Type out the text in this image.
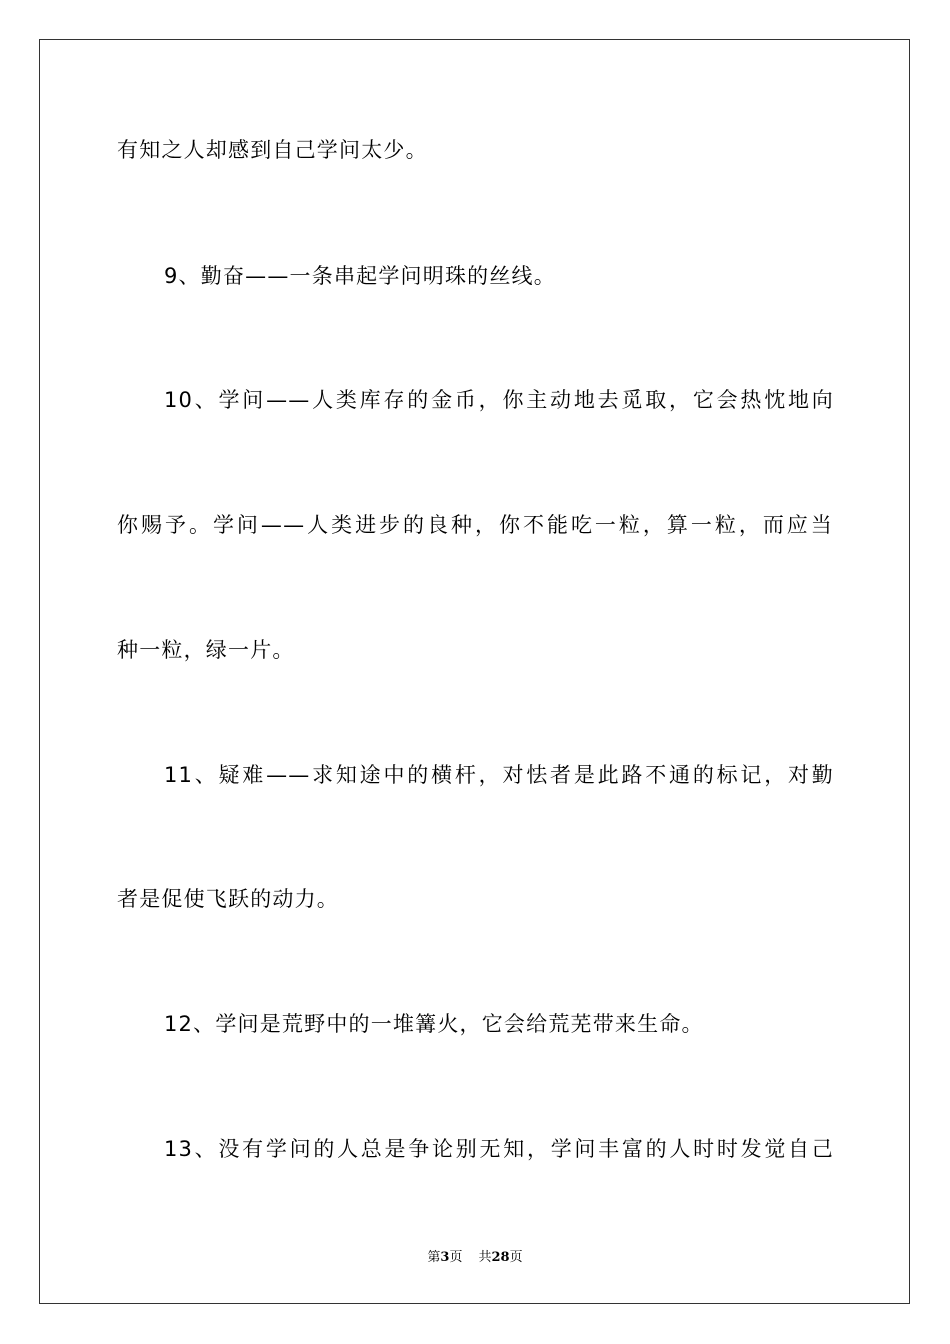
有知之人却感到自己学问太少。
9、勤奋——一条串起学问明珠的丝线。
10、学问——人类库存的金币，你主动地去觅取，它会热忱地向
你赐予。学问——人类进步的良种，你不能吃一粒，算一粒，而应当
种一粒，绿一片。
11、疑难——求知途中的横杆，对怯者是此路不通的标记，对勤
者是促使飞跃的动力。
12、学问是荒野中的一堆篝火，它会给荒芜带来生命。
13、没有学问的人总是争论别无知，学问丰富的人时时发觉自己
第3页 共28页
